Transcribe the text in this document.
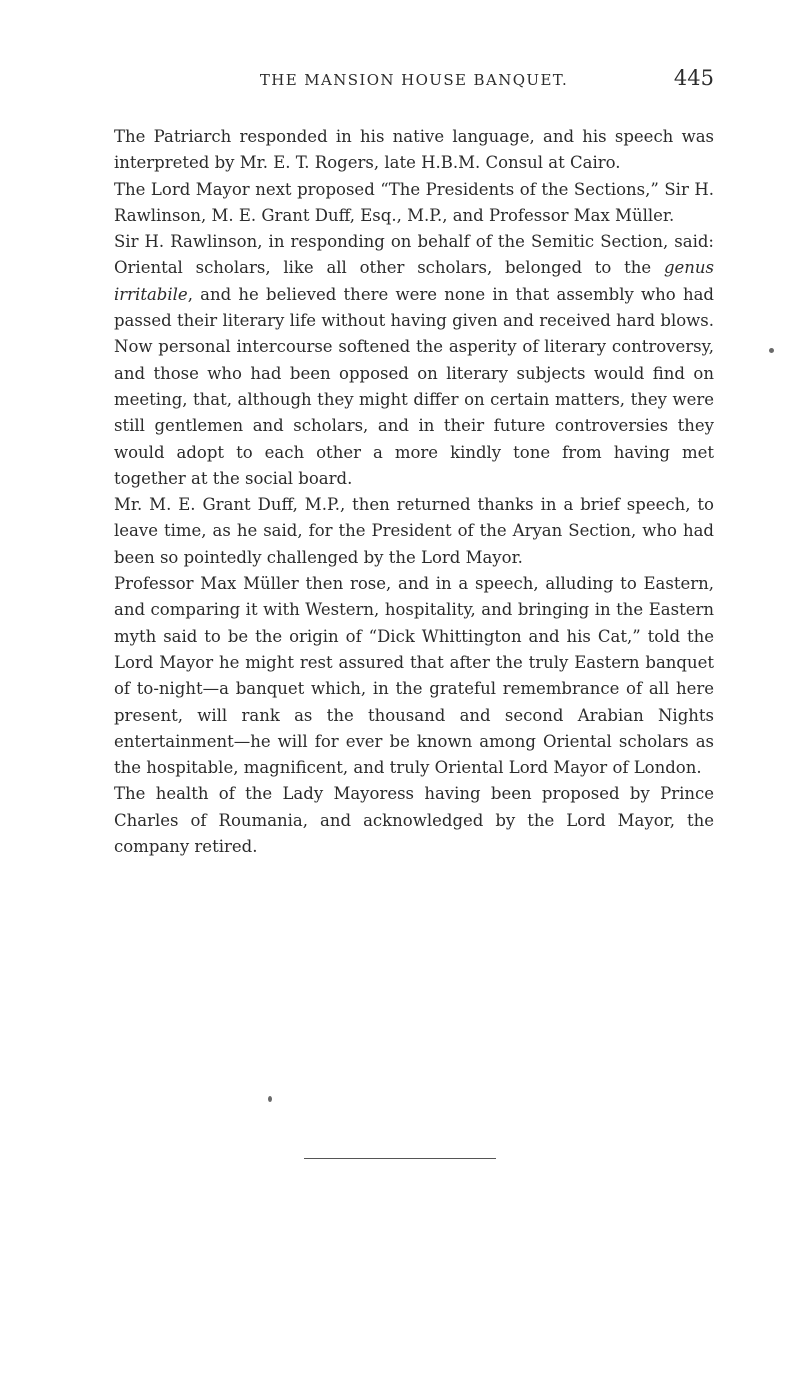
THE MANSION HOUSE BANQUET.	445

The Patriarch responded in his native language, and his speech was interpreted by Mr. E. T. Rogers, late H.B.M. Consul at Cairo.

The Lord Mayor next proposed “The Presidents of the Sections,” Sir H. Rawlinson, M. E. Grant Duff, Esq., M.P., and Professor Max Müller.

Sir H. Rawlinson, in responding on behalf of the Semitic Section, said: Oriental scholars, like all other scholars, belonged to the genus irritabile, and he believed there were none in that assembly who had passed their literary life without having given and received hard blows. Now personal intercourse softened the asperity of literary controversy, and those who had been opposed on literary subjects would find on meeting, that, although they might differ on certain matters, they were still gentlemen and scholars, and in their future controversies they would adopt to each other a more kindly tone from having met together at the social board.

Mr. M. E. Grant Duff, M.P., then returned thanks in a brief speech, to leave time, as he said, for the President of the Aryan Section, who had been so pointedly challenged by the Lord Mayor.

Professor Max Müller then rose, and in a speech, alluding to Eastern, and comparing it with Western, hospitality, and bringing in the Eastern myth said to be the origin of “Dick Whittington and his Cat,” told the Lord Mayor he might rest assured that after the truly Eastern banquet of to-night—a banquet which, in the grateful remembrance of all here present, will rank as the thousand and second Arabian Nights entertainment—he will for ever be known among Oriental scholars as the hospitable, magnificent, and truly Oriental Lord Mayor of London.

The health of the Lady Mayoress having been proposed by Prince Charles of Roumania, and acknowledged by the Lord Mayor, the company retired.
